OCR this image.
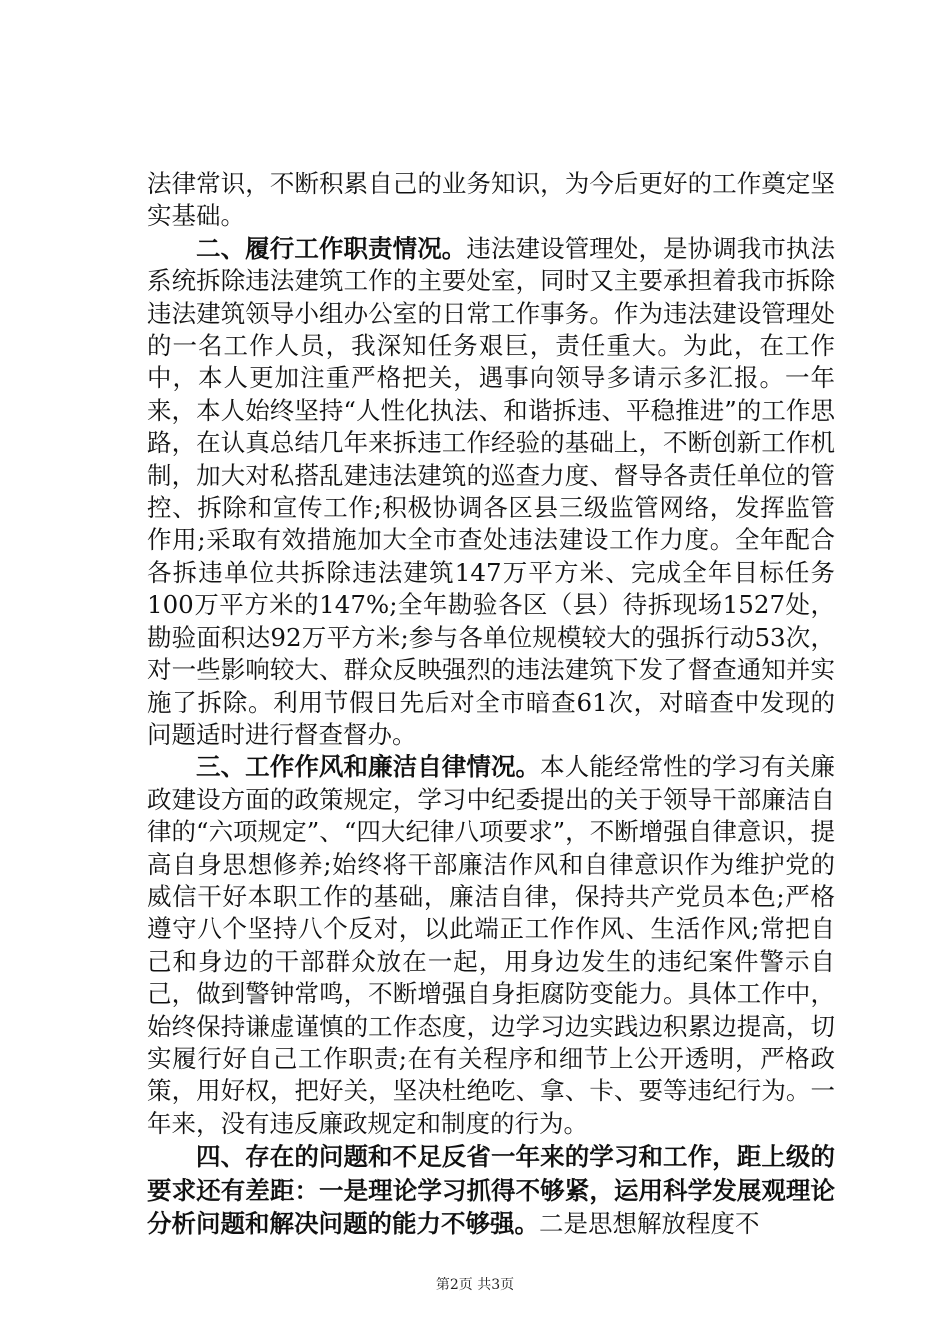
法律常识，不断积累自己的业务知识，为今后更好的工作奠定坚实基础。

二、履行工作职责情况。违法建设管理处，是协调我市执法系统拆除违法建筑工作的主要处室，同时又主要承担着我市拆除违法建筑领导小组办公室的日常工作事务。作为违法建设管理处的一名工作人员，我深知任务艰巨，责任重大。为此，在工作中，本人更加注重严格把关，遇事向领导多请示多汇报。一年来，本人始终坚持“人性化执法、和谐拆违、平稳推进”的工作思路，在认真总结几年来拆违工作经验的基础上，不断创新工作机制，加大对私搭乱建违法建筑的巡查力度、督导各责任单位的管控、拆除和宣传工作;积极协调各区县三级监管网络，发挥监管作用;采取有效措施加大全市查处违法建设工作力度。全年配合各拆违单位共拆除违法建筑147万平方米、完成全年目标任务100万平方米的147%;全年勘验各区（县）待拆现场1527处，勘验面积达92万平方米;参与各单位规模较大的强拆行动53次，对一些影响较大、群众反映强烈的违法建筑下发了督查通知并实施了拆除。利用节假日先后对全市暗查61次，对暗查中发现的问题适时进行督查督办。

三、工作作风和廉洁自律情况。本人能经常性的学习有关廉政建设方面的政策规定，学习中纪委提出的关于领导干部廉洁自律的“六项规定”、“四大纪律八项要求”，不断增强自律意识，提高自身思想修养;始终将干部廉洁作风和自律意识作为维护党的威信干好本职工作的基础，廉洁自律，保持共产党员本色;严格遵守八个坚持八个反对，以此端正工作作风、生活作风;常把自己和身边的干部群众放在一起，用身边发生的违纪案件警示自己，做到警钟常鸣，不断增强自身拒腐防变能力。具体工作中，始终保持谦虚谨慎的工作态度，边学习边实践边积累边提高，切实履行好自己工作职责;在有关程序和细节上公开透明，严格政策，用好权，把好关，坚决杜绝吃、拿、卡、要等违纪行为。一年来，没有违反廉政规定和制度的行为。

四、存在的问题和不足反省一年来的学习和工作，距上级的要求还有差距：一是理论学习抓得不够紧，运用科学发展观理论分析问题和解决问题的能力不够强。二是思想解放程度不

第2页 共3页
